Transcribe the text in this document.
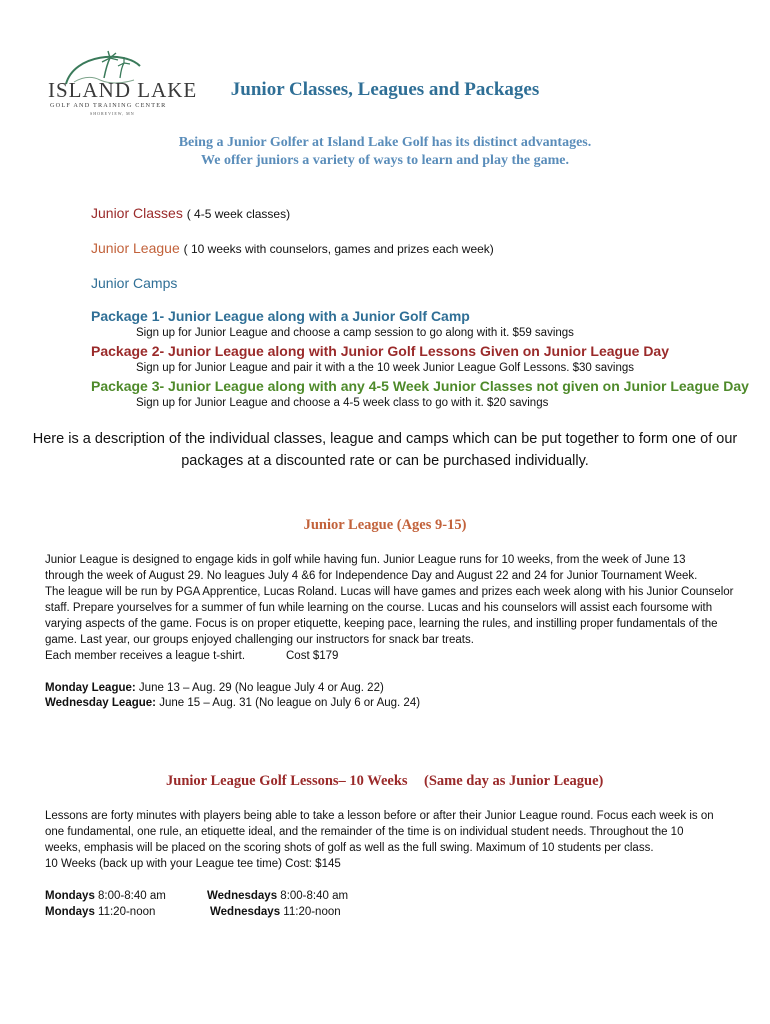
ISLAND LAKE
GOLF AND TRAINING CENTER
SHOREVIEW, MN
Junior Classes, Leagues and Packages
Being a Junior Golfer at Island Lake Golf has its distinct advantages.
We offer juniors a variety of ways to learn and play the game.
Junior Classes ( 4-5 week classes)
Junior League ( 10 weeks with counselors, games and prizes each week)
Junior Camps
Package 1- Junior League along with a Junior Golf Camp
Sign up for Junior League and choose a camp session to go along with it. $59 savings
Package 2- Junior League along with Junior Golf Lessons Given on Junior League Day
Sign up for Junior League and pair it with a the 10 week Junior League Golf Lessons. $30 savings
Package 3- Junior League along with any 4-5 Week Junior Classes not given on Junior League Day
Sign up for Junior League and choose a 4-5 week class to go with it. $20 savings
Here is a description of the individual classes, league and camps which can be put together to form one of our
packages at a discounted rate or can be purchased individually.
Junior League (Ages 9-15)
Junior League is designed to engage kids in golf while having fun. Junior League runs for 10 weeks, from the week of June 13
through the week of August 29. No leagues July 4 &6 for Independence Day and August 22 and 24 for Junior Tournament Week.
The league will be run by PGA Apprentice, Lucas Roland. Lucas will have games and prizes each week along with his Junior Counselor
staff. Prepare yourselves for a summer of fun while learning on the course. Lucas and his counselors will assist each foursome with
varying aspects of the game. Focus is on proper etiquette, keeping pace, learning the rules, and instilling proper fundamentals of the
game. Last year, our groups enjoyed challenging our instructors for snack bar treats.
Each member receives a league t-shirt.	Cost $179
Monday League: June 13 – Aug. 29 (No league July 4 or Aug. 22)
Wednesday League: June 15 – Aug. 31 (No league on July 6 or Aug. 24)
Junior League Golf Lessons– 10 Weeks (Same day as Junior League)
Lessons are forty minutes with players being able to take a lesson before or after their Junior League round. Focus each week is on
one fundamental, one rule, an etiquette ideal, and the remainder of the time is on individual student needs. Throughout the 10
weeks, emphasis will be placed on the scoring shots of golf as well as the full swing. Maximum of 10 students per class.
10 Weeks (back up with your League tee time) Cost: $145
Mondays 8:00-8:40 am	Wednesdays 8:00-8:40 am
Mondays 11:20-noon	Wednesdays 11:20-noon
